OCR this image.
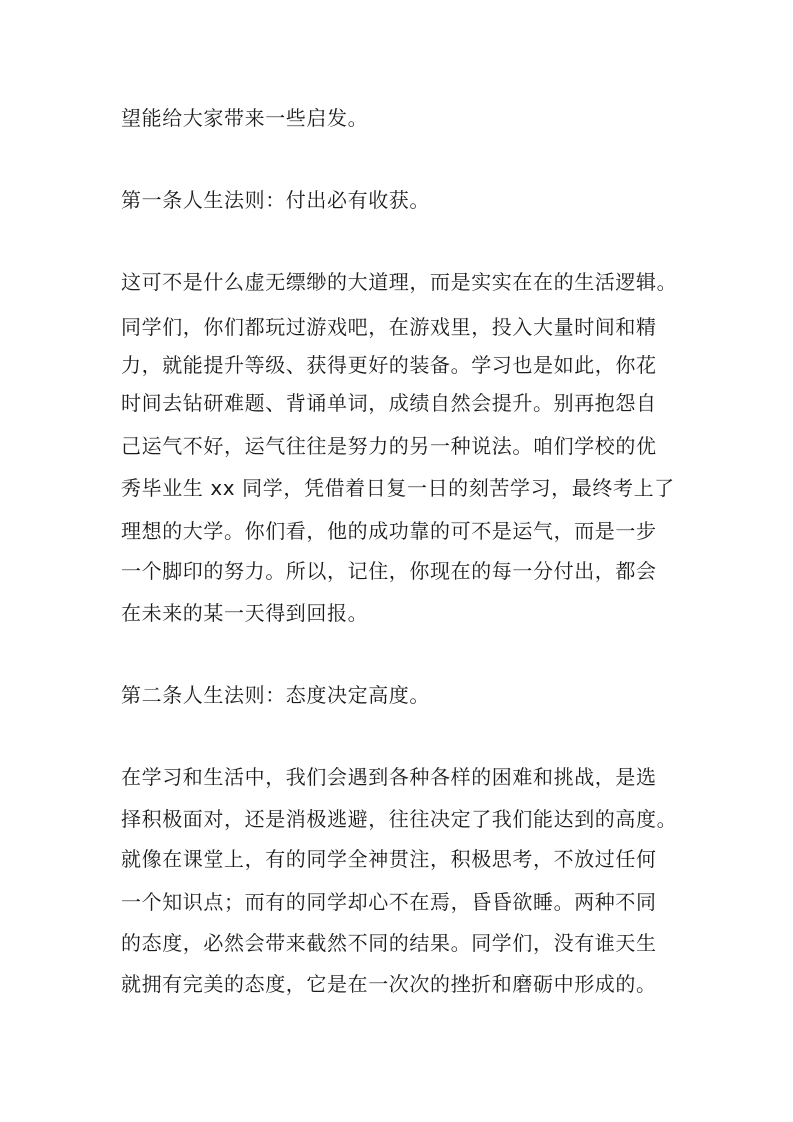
望能给大家带来一些启发。
第一条人生法则：付出必有收获。
这可不是什么虚无缥缈的大道理，而是实实在在的生活逻辑。
同学们，你们都玩过游戏吧，在游戏里，投入大量时间和精
力，就能提升等级、获得更好的装备。学习也是如此，你花
时间去钻研难题、背诵单词，成绩自然会提升。别再抱怨自
己运气不好，运气往往是努力的另一种说法。咱们学校的优
秀毕业生 xx 同学，凭借着日复一日的刻苦学习，最终考上了
理想的大学。你们看，他的成功靠的可不是运气，而是一步
一个脚印的努力。所以，记住，你现在的每一分付出，都会
在未来的某一天得到回报。
第二条人生法则：态度决定高度。
在学习和生活中，我们会遇到各种各样的困难和挑战，是选
择积极面对，还是消极逃避，往往决定了我们能达到的高度。
就像在课堂上，有的同学全神贯注，积极思考，不放过任何
一个知识点；而有的同学却心不在焉，昏昏欲睡。两种不同
的态度，必然会带来截然不同的结果。同学们，没有谁天生
就拥有完美的态度，它是在一次次的挫折和磨砺中形成的。
